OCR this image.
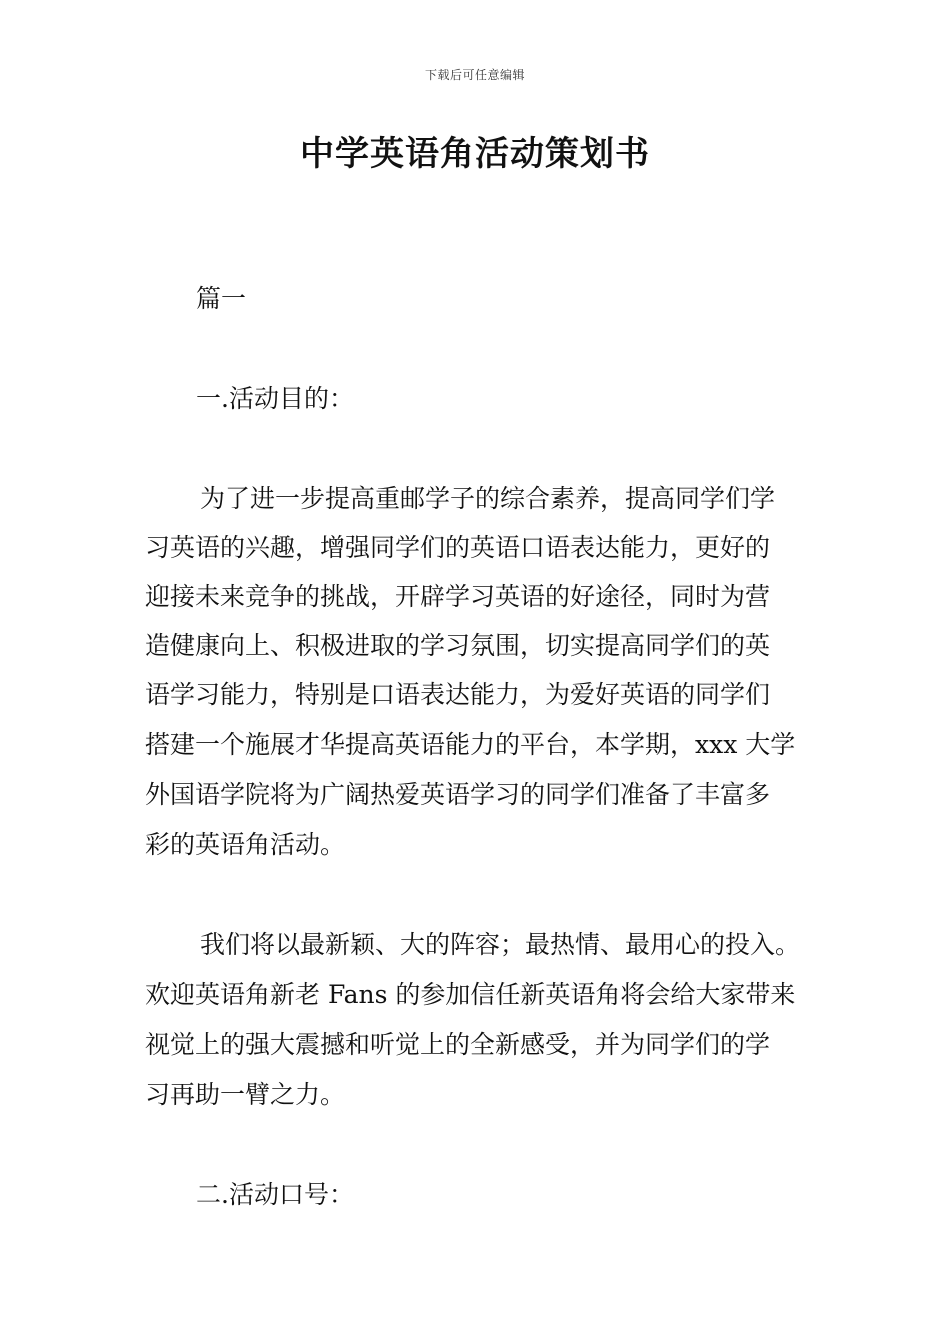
下载后可任意编辑
中学英语角活动策划书
篇一
一.活动目的：
为了进一步提高重邮学子的综合素养，提高同学们学
习英语的兴趣，增强同学们的英语口语表达能力，更好的
迎接未来竞争的挑战，开辟学习英语的好途径，同时为营
造健康向上、积极进取的学习氛围，切实提高同学们的英
语学习能力，特别是口语表达能力，为爱好英语的同学们
搭建一个施展才华提高英语能力的平台，本学期，xxx 大学
外国语学院将为广阔热爱英语学习的同学们准备了丰富多
彩的英语角活动。
我们将以最新颖、大的阵容；最热情、最用心的投入。
欢迎英语角新老 Fans 的参加信任新英语角将会给大家带来
视觉上的强大震撼和听觉上的全新感受，并为同学们的学
习再助一臂之力。
二.活动口号：
